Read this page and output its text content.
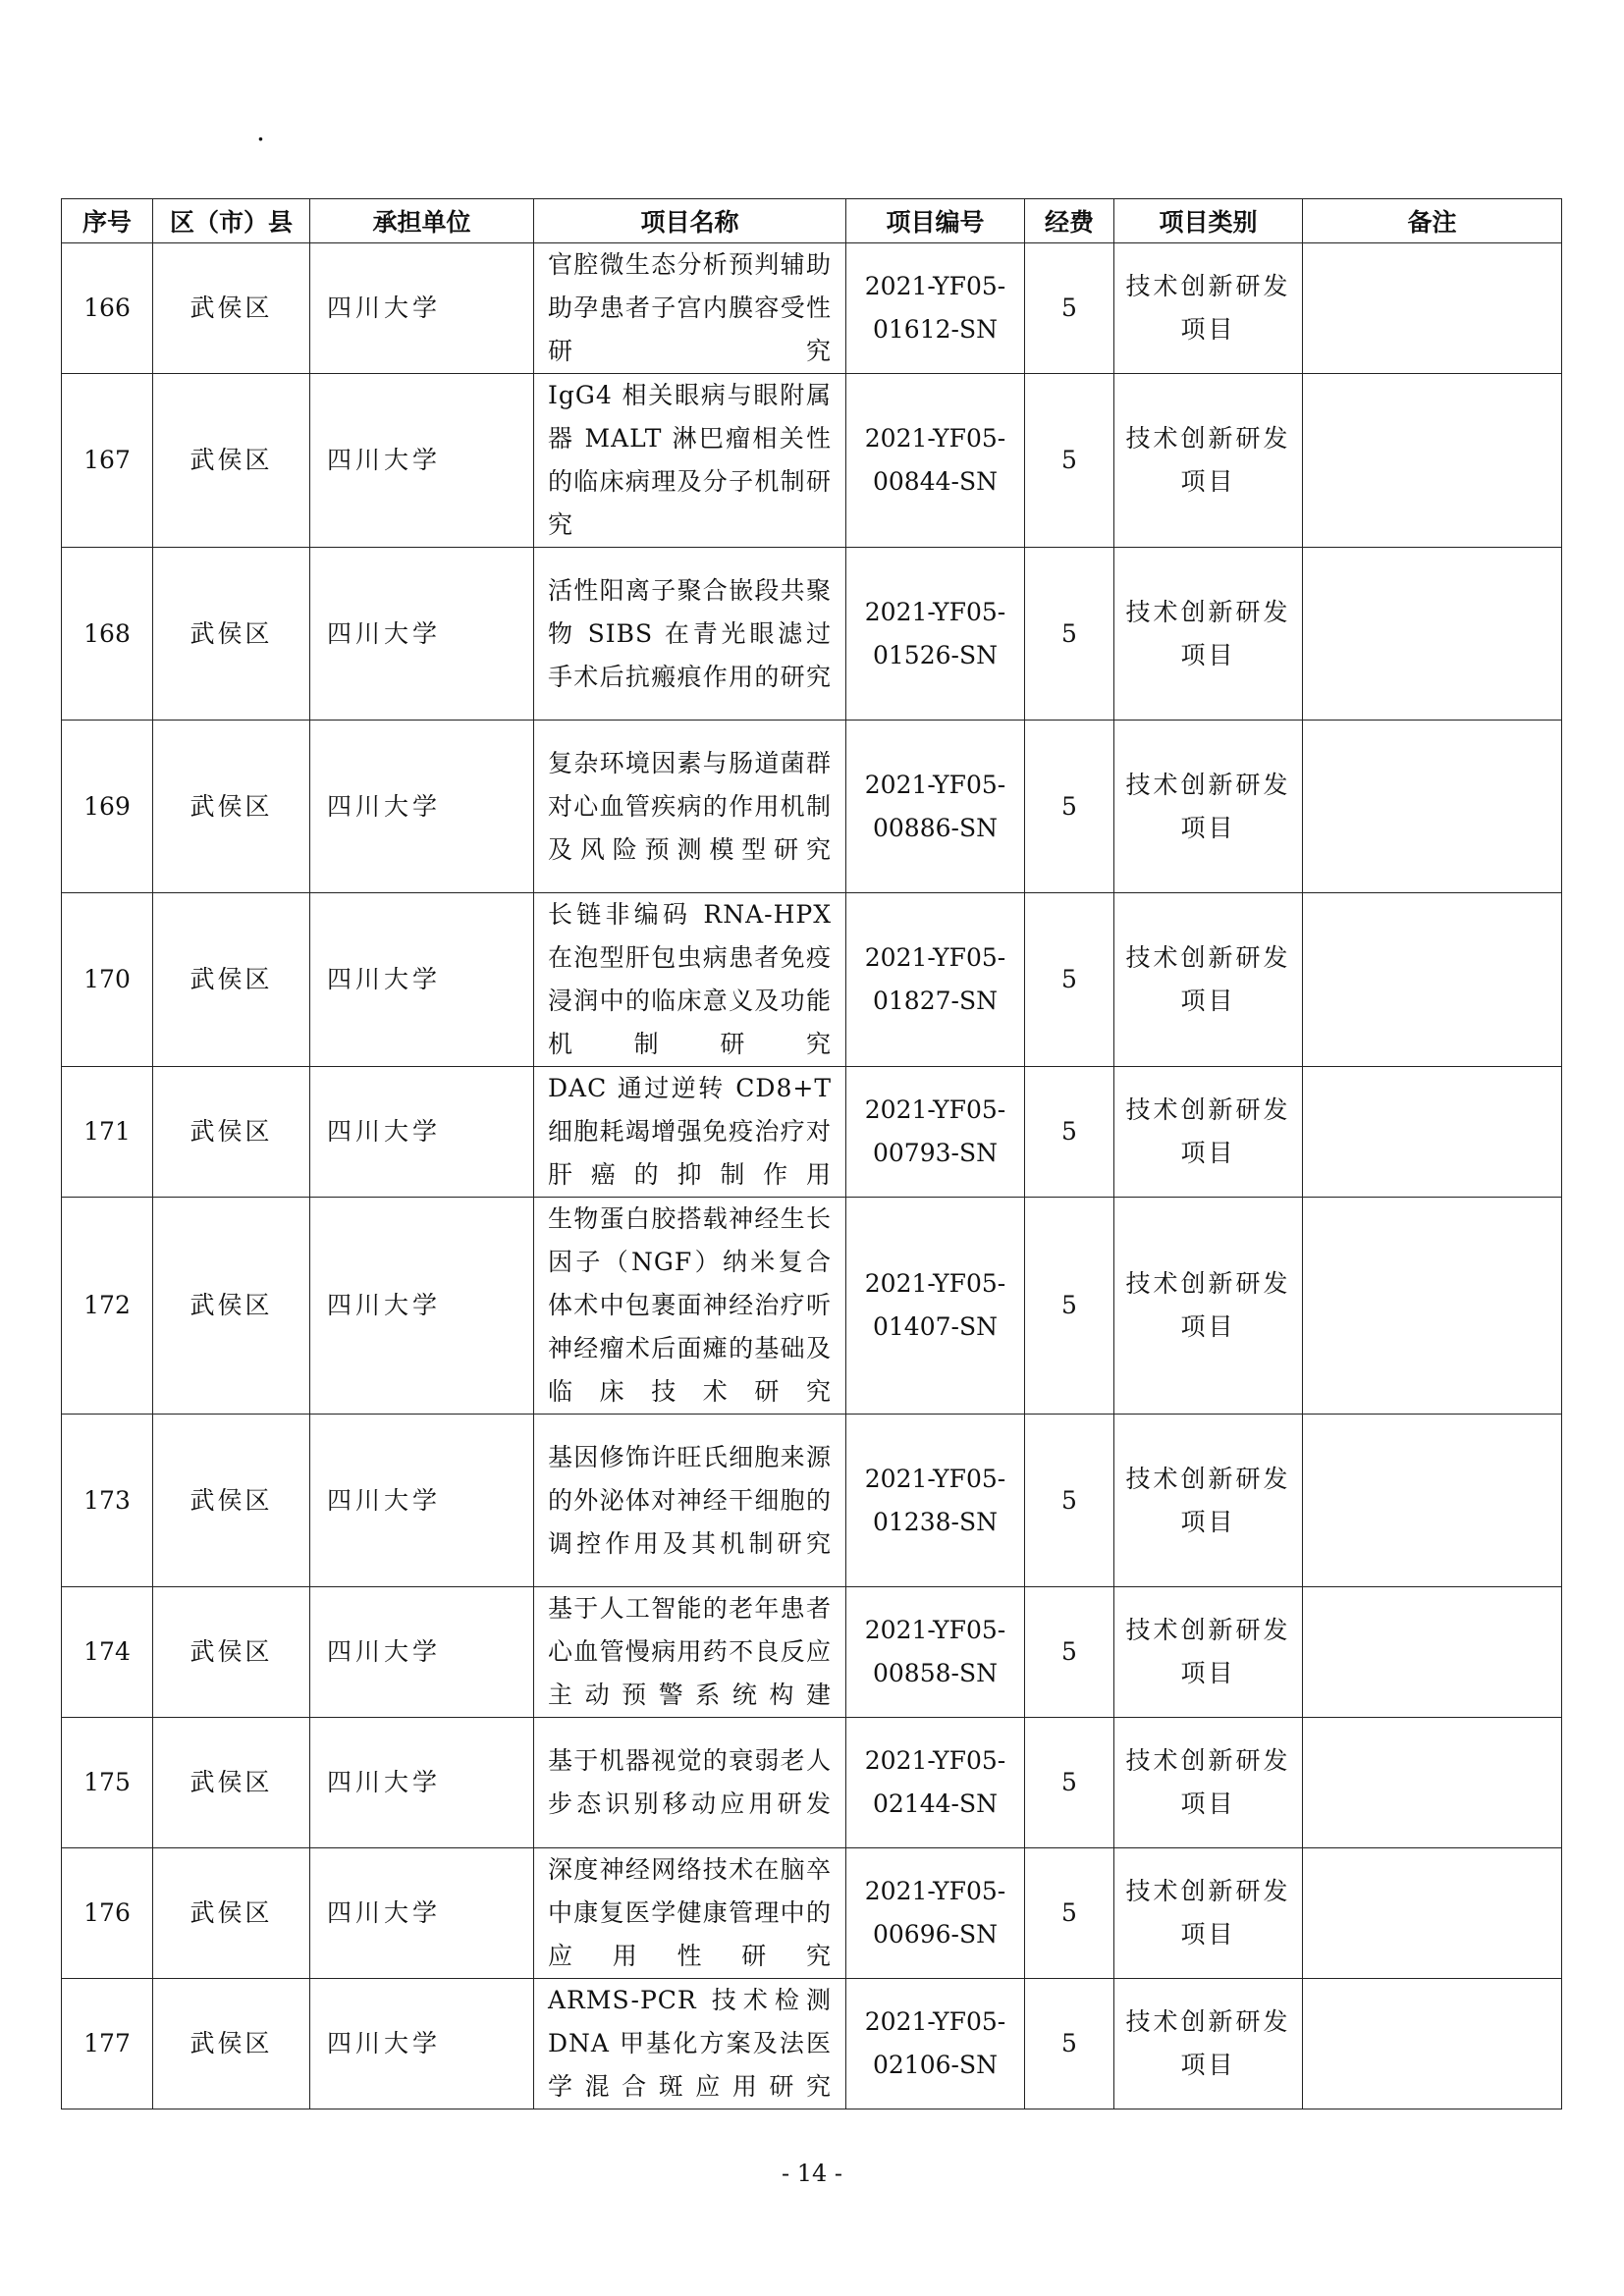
.
序号	区（市）县	承担单位	项目名称	项目编号	经费	项目类别	备注
166	武侯区	四川大学	官腔微生态分析预判辅助助孕患者子宫内膜容受性研究	2021-YF05-01612-SN	5	技术创新研发项目	
167	武侯区	四川大学	IgG4 相关眼病与眼附属器 MALT 淋巴瘤相关性的临床病理及分子机制研究	2021-YF05-00844-SN	5	技术创新研发项目	
168	武侯区	四川大学	活性阳离子聚合嵌段共聚物 SIBS 在青光眼滤过手术后抗瘢痕作用的研究	2021-YF05-01526-SN	5	技术创新研发项目	
169	武侯区	四川大学	复杂环境因素与肠道菌群对心血管疾病的作用机制及风险预测模型研究	2021-YF05-00886-SN	5	技术创新研发项目	
170	武侯区	四川大学	长链非编码 RNA-HPX 在泡型肝包虫病患者免疫浸润中的临床意义及功能机制研究	2021-YF05-01827-SN	5	技术创新研发项目	
171	武侯区	四川大学	DAC 通过逆转 CD8+T 细胞耗竭增强免疫治疗对肝癌的抑制作用	2021-YF05-00793-SN	5	技术创新研发项目	
172	武侯区	四川大学	生物蛋白胶搭载神经生长因子（NGF）纳米复合体术中包裹面神经治疗听神经瘤术后面瘫的基础及临床技术研究	2021-YF05-01407-SN	5	技术创新研发项目	
173	武侯区	四川大学	基因修饰许旺氏细胞来源的外泌体对神经干细胞的调控作用及其机制研究	2021-YF05-01238-SN	5	技术创新研发项目	
174	武侯区	四川大学	基于人工智能的老年患者心血管慢病用药不良反应主动预警系统构建	2021-YF05-00858-SN	5	技术创新研发项目	
175	武侯区	四川大学	基于机器视觉的衰弱老人步态识别移动应用研发	2021-YF05-02144-SN	5	技术创新研发项目	
176	武侯区	四川大学	深度神经网络技术在脑卒中康复医学健康管理中的应用性研究	2021-YF05-00696-SN	5	技术创新研发项目	
177	武侯区	四川大学	ARMS-PCR 技术检测 DNA 甲基化方案及法医学混合斑应用研究	2021-YF05-02106-SN	5	技术创新研发项目	
- 14 -
